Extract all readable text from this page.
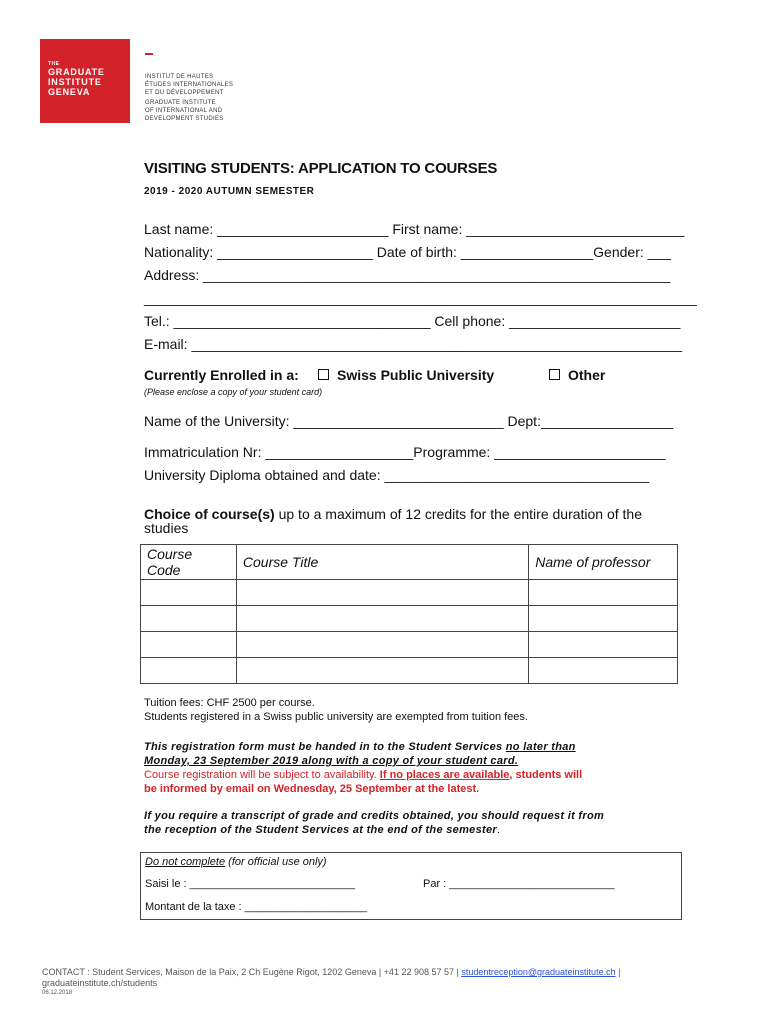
THE
GRADUATE
INSTITUTE
GENEVA
INSTITUT DE HAUTES
ÉTUDES INTERNATIONALES
ET DU DÉVELOPPEMENT
GRADUATE INSTITUTE
OF INTERNATIONAL AND
DEVELOPMENT STUDIES
VISITING STUDENTS: APPLICATION TO COURSES
2019 - 2020 AUTUMN SEMESTER
Last name: ______________________ First name: ____________________________
Nationality: ____________________ Date of birth: _________________Gender: ___
Address: ____________________________________________________________
_______________________________________________________________________
Tel.: _________________________________ Cell phone: ______________________
E-mail: _______________________________________________________________
Currently Enrolled in a:	Swiss Public University	Other
(Please enclose a copy of your student card)
Name of the University: ___________________________ Dept:_________________
Immatriculation Nr: ___________________Programme: ______________________
University Diploma obtained and date: __________________________________
Choice of course(s) up to a maximum of 12 credits for the entire duration of the
studies
Course
Code	Course Title	Name of professor

Tuition fees: CHF 2500 per course.
Students registered in a Swiss public university are exempted from tuition fees.
This registration form must be handed in to the Student Services no later than
Monday, 23 September 2019 along with a copy of your student card.
Course registration will be subject to availability. If no places are available, students will
be informed by email on Wednesday, 25 September at the latest.
If you require a transcript of grade and credits obtained, you should request it from
the reception of the Student Services at the end of the semester.
Do not complete (for official use only)
Saisi le : ___________________________	Par : ___________________________
Montant de la taxe : ____________________
CONTACT : Student Services, Maison de la Paix, 2 Ch Eugène Rigot, 1202 Geneva | +41 22 908 57 57 | studentreception@graduateinstitute.ch |
graduateinstitute.ch/students
06.12.2018
